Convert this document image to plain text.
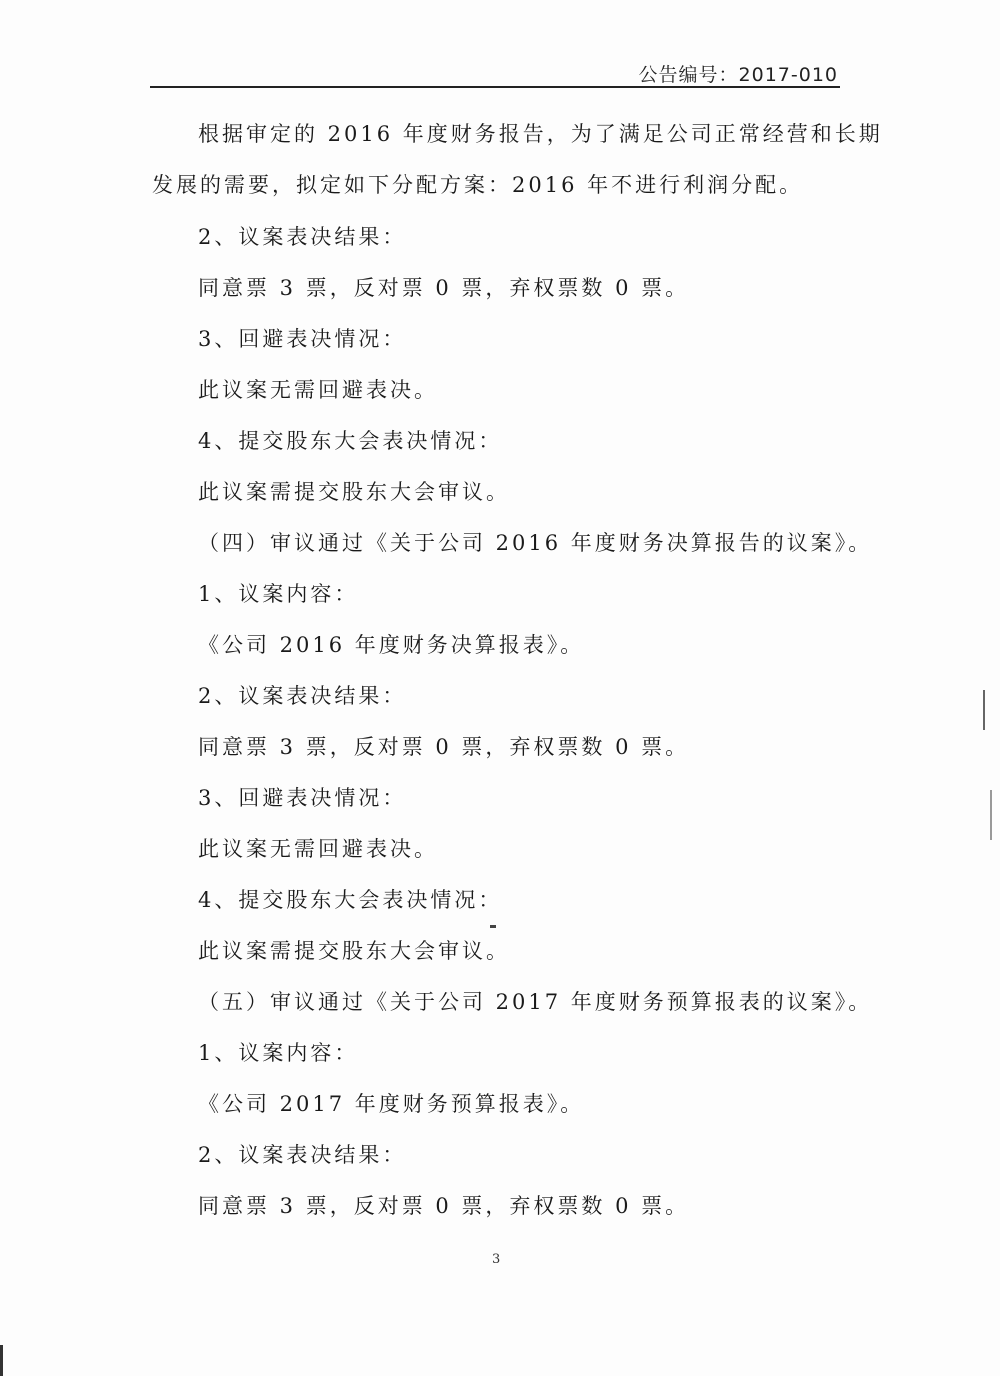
公告编号：2017-010
根据审定的 2016 年度财务报告，为了满足公司正常经营和长期
发展的需要，拟定如下分配方案：2016 年不进行利润分配。
2、议案表决结果：
同意票 3 票，反对票 0 票，弃权票数 0 票。
3、回避表决情况：
此议案无需回避表决。
4、提交股东大会表决情况：
此议案需提交股东大会审议。
（四）审议通过《关于公司 2016 年度财务决算报告的议案》。
1、议案内容：
《公司 2016 年度财务决算报表》。
2、议案表决结果：
同意票 3 票，反对票 0 票，弃权票数 0 票。
3、回避表决情况：
此议案无需回避表决。
4、提交股东大会表决情况：
此议案需提交股东大会审议。
（五）审议通过《关于公司 2017 年度财务预算报表的议案》。
1、议案内容：
《公司 2017 年度财务预算报表》。
2、议案表决结果：
同意票 3 票，反对票 0 票，弃权票数 0 票。
3
